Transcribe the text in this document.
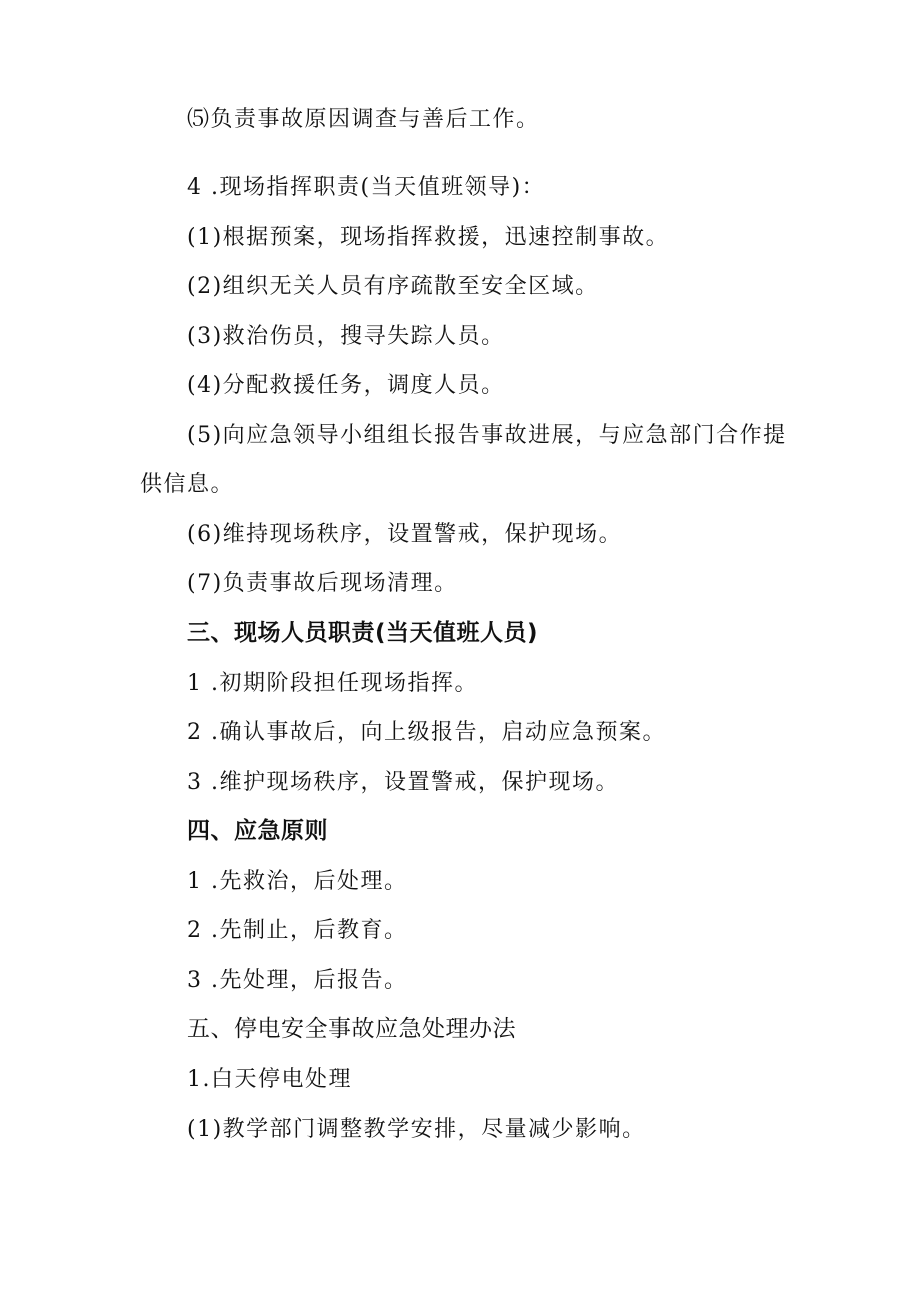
⑸负责事故原因调查与善后工作。
4 .现场指挥职责(当天值班领导)：
(1)根据预案，现场指挥救援，迅速控制事故。
(2)组织无关人员有序疏散至安全区域。
(3)救治伤员，搜寻失踪人员。
(4)分配救援任务，调度人员。
(5)向应急领导小组组长报告事故进展，与应急部门合作提
供信息。
(6)维持现场秩序，设置警戒，保护现场。
(7)负责事故后现场清理。
三、现场人员职责(当天值班人员)
1 .初期阶段担任现场指挥。
2 .确认事故后，向上级报告，启动应急预案。
3 .维护现场秩序，设置警戒，保护现场。
四、应急原则
1 .先救治，后处理。
2 .先制止，后教育。
3 .先处理，后报告。
五、停电安全事故应急处理办法
1.白天停电处理
(1)教学部门调整教学安排，尽量减少影响。
